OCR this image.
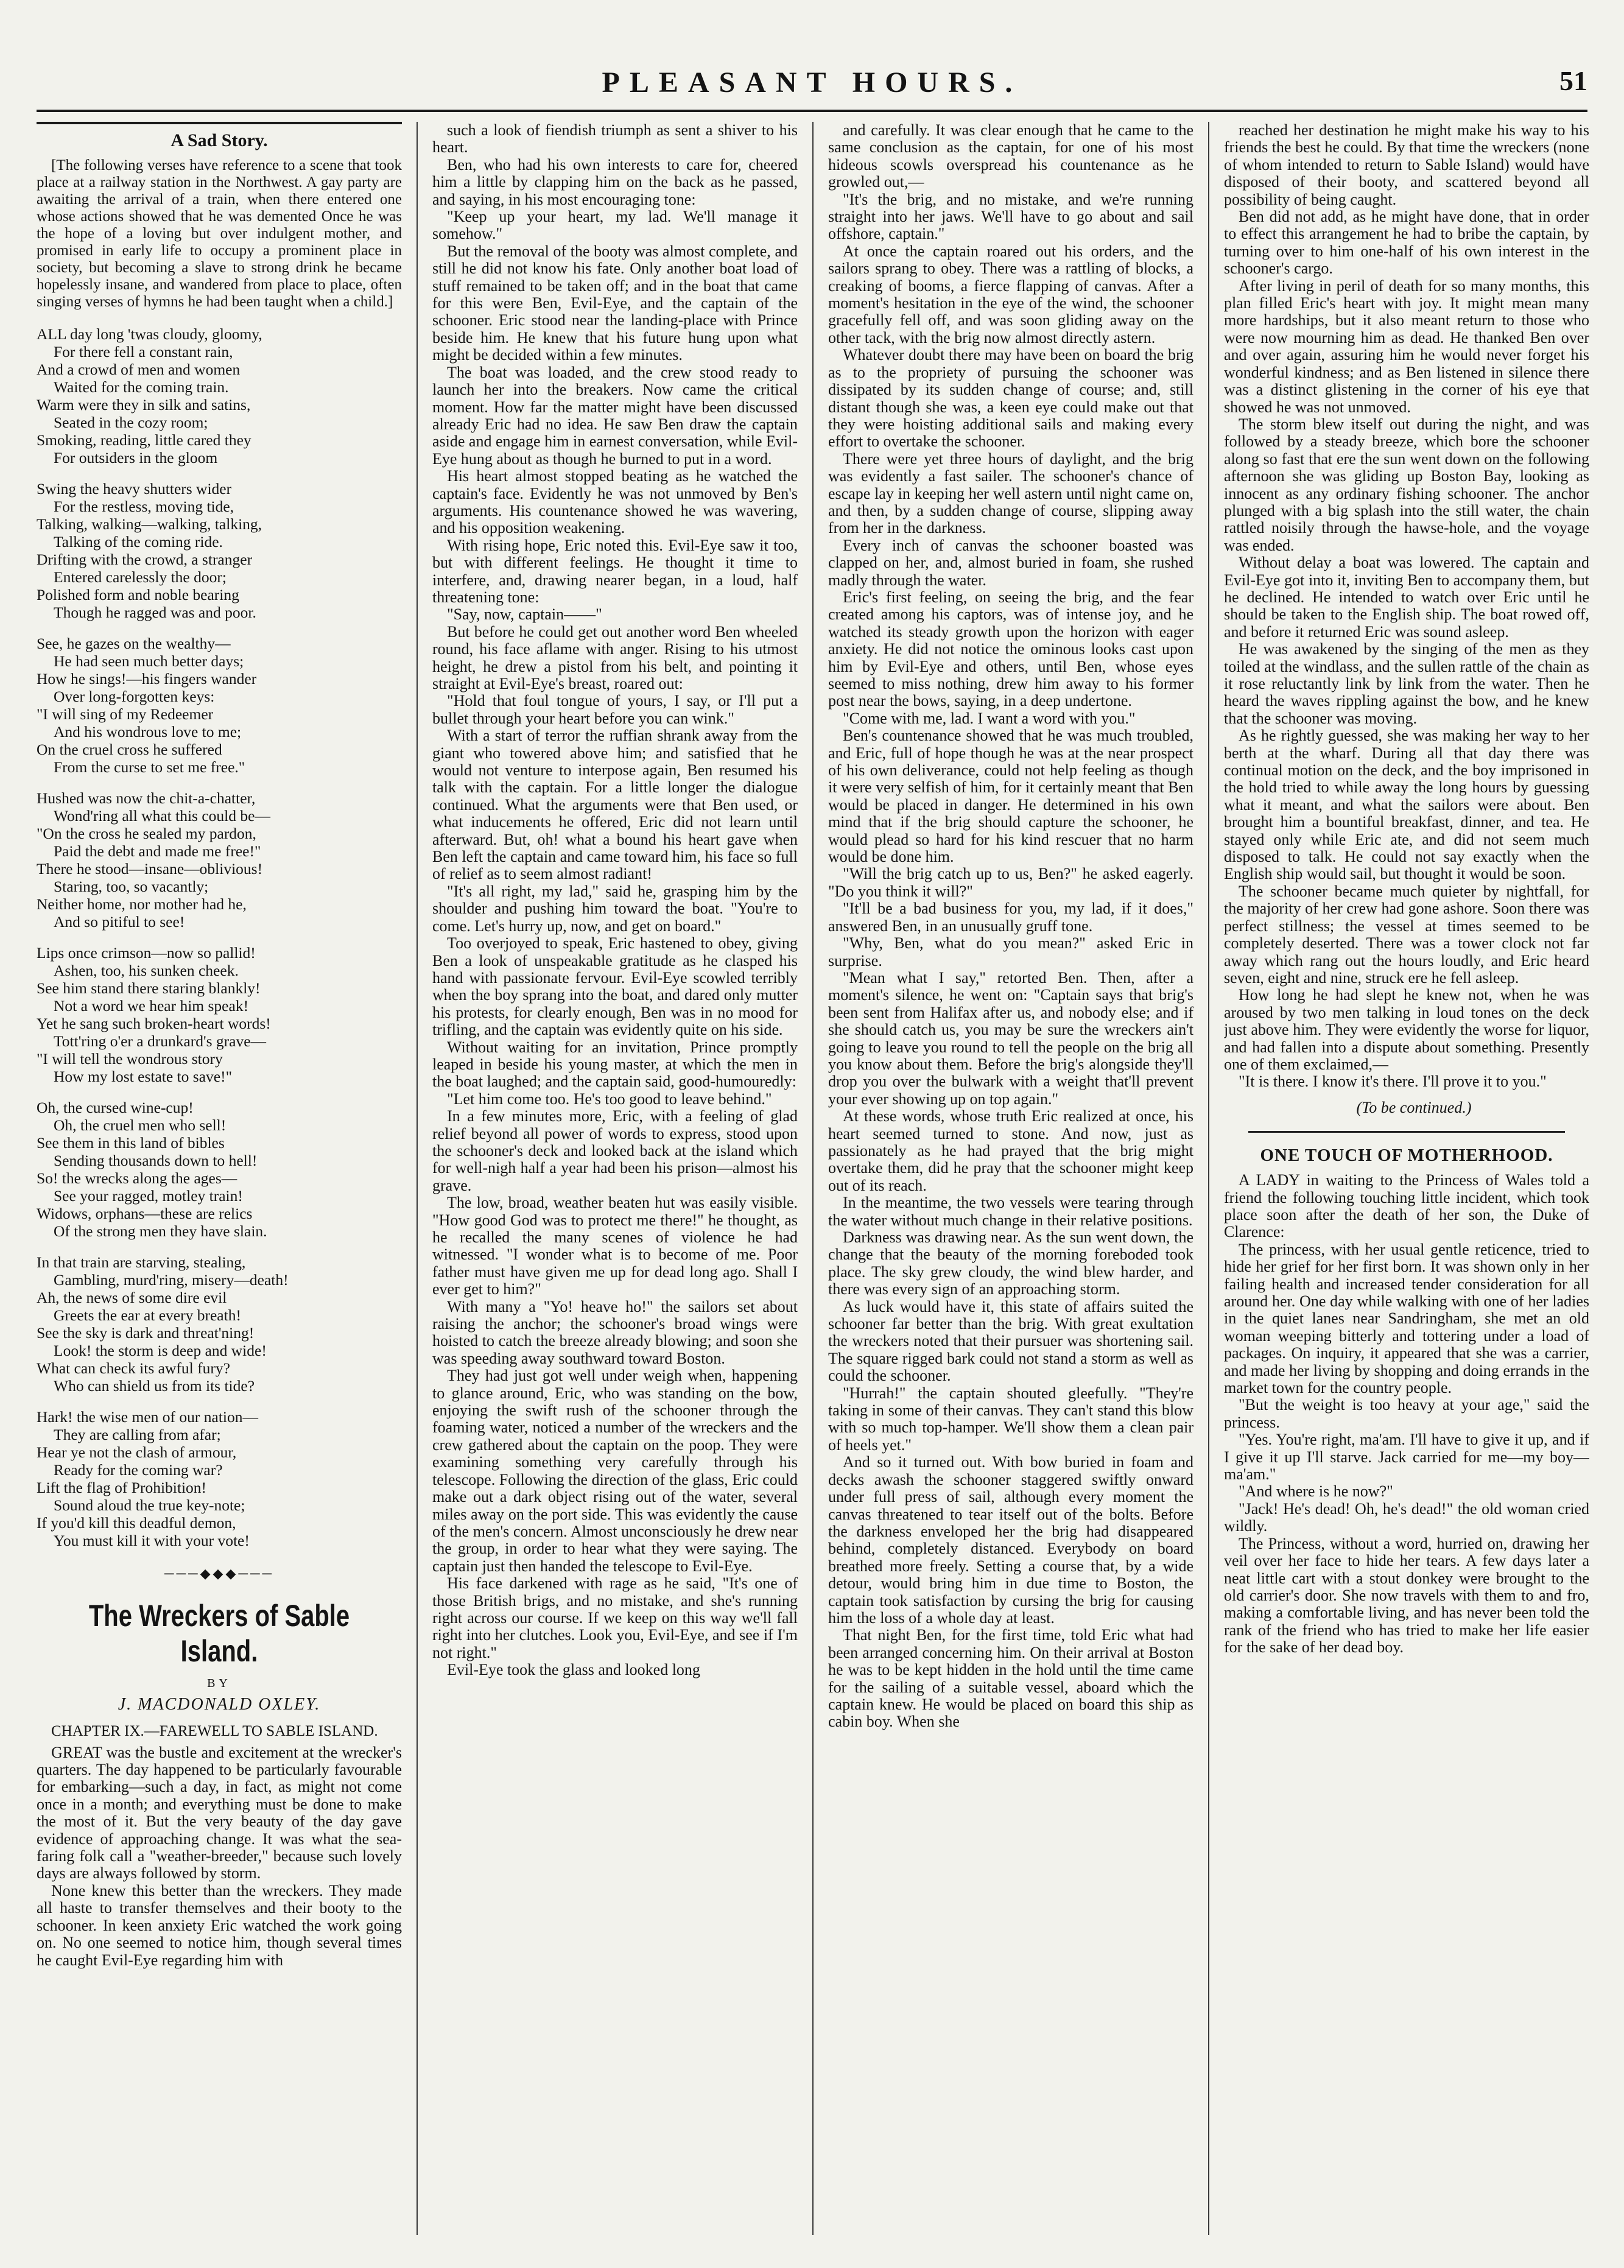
PLEASANT HOURS.	51
A Sad Story.

[The following verses have reference to a scene that took place at a railway station in the Northwest. A gay party are awaiting the arrival of a train, when there entered one whose actions showed that he was demented Once he was the hope of a loving but over indulgent mother, and promised in early life to occupy a prominent place in society, but becoming a slave to strong drink he became hopelessly insane, and wandered from place to place, often singing verses of hymns he had been taught when a child.]

ALL day long 'twas cloudy, gloomy,
For there fell a constant rain,
And a crowd of men and women
Waited for the coming train.
Warm were they in silk and satins,
Seated in the cozy room;
Smoking, reading, little cared they
For outsiders in the gloom
Swing the heavy shutters wider
For the restless, moving tide,
Talking, walking—walking, talking,
Talking of the coming ride.
Drifting with the crowd, a stranger
Entered carelessly the door;
Polished form and noble bearing
Though he ragged was and poor.
See, he gazes on the wealthy—
He had seen much better days;
How he sings!—his fingers wander
Over long-forgotten keys:
"I will sing of my Redeemer
And his wondrous love to me;
On the cruel cross he suffered
From the curse to set me free."
Hushed was now the chit-a-chatter,
Wond'ring all what this could be—
"On the cross he sealed my pardon,
Paid the debt and made me free!"
There he stood—insane—oblivious!
Staring, too, so vacantly;
Neither home, nor mother had he,
And so pitiful to see!
Lips once crimson—now so pallid!
Ashen, too, his sunken cheek.
See him stand there staring blankly!
Not a word we hear him speak!
Yet he sang such broken-heart words!
Tott'ring o'er a drunkard's grave—
"I will tell the wondrous story
How my lost estate to save!"
Oh, the cursed wine-cup!
Oh, the cruel men who sell!
See them in this land of bibles
Sending thousands down to hell!
So! the wrecks along the ages—
See your ragged, motley train!
Widows, orphans—these are relics
Of the strong men they have slain.
In that train are starving, stealing,
Gambling, murd'ring, misery—death!
Ah, the news of some dire evil
Greets the ear at every breath!
See the sky is dark and threat'ning!
Look! the storm is deep and wide!
What can check its awful fury?
Who can shield us from its tide?
Hark! the wise men of our nation—
They are calling from afar;
Hear ye not the clash of armour,
Ready for the coming war?
Lift the flag of Prohibition!
Sound aloud the true key-note;
If you'd kill this deadful demon,
You must kill it with your vote!
───◆◆◆───
The Wreckers of Sable Island.
BY
J. MACDONALD OXLEY.
CHAPTER IX.—FAREWELL TO SABLE ISLAND.

GREAT was the bustle and excitement at the wrecker's quarters. The day happened to be particularly favourable for embarking—such a day, in fact, as might not come once in a month; and everything must be done to make the most of it. But the very beauty of the day gave evidence of approaching change. It was what the sea-faring folk call a "weather-breeder," because such lovely days are always followed by storm.

None knew this better than the wreckers. They made all haste to transfer themselves and their booty to the schooner. In keen anxiety Eric watched the work going on. No one seemed to notice him, though several times he caught Evil-Eye regarding him with

such a look of fiendish triumph as sent a shiver to his heart.

Ben, who had his own interests to care for, cheered him a little by clapping him on the back as he passed, and saying, in his most encouraging tone:

"Keep up your heart, my lad. We'll manage it somehow."

But the removal of the booty was almost complete, and still he did not know his fate. Only another boat load of stuff remained to be taken off; and in the boat that came for this were Ben, Evil-Eye, and the captain of the schooner. Eric stood near the landing-place with Prince beside him. He knew that his future hung upon what might be decided within a few minutes.

The boat was loaded, and the crew stood ready to launch her into the breakers. Now came the critical moment. How far the matter might have been discussed already Eric had no idea. He saw Ben draw the captain aside and engage him in earnest conversation, while Evil-Eye hung about as though he burned to put in a word.

His heart almost stopped beating as he watched the captain's face. Evidently he was not unmoved by Ben's arguments. His countenance showed he was wavering, and his opposition weakening.

With rising hope, Eric noted this. Evil-Eye saw it too, but with different feelings. He thought it time to interfere, and, drawing nearer began, in a loud, half threatening tone:

"Say, now, captain——"

But before he could get out another word Ben wheeled round, his face aflame with anger. Rising to his utmost height, he drew a pistol from his belt, and pointing it straight at Evil-Eye's breast, roared out:

"Hold that foul tongue of yours, I say, or I'll put a bullet through your heart before you can wink."

With a start of terror the ruffian shrank away from the giant who towered above him; and satisfied that he would not venture to interpose again, Ben resumed his talk with the captain. For a little longer the dialogue continued. What the arguments were that Ben used, or what inducements he offered, Eric did not learn until afterward. But, oh! what a bound his heart gave when Ben left the captain and came toward him, his face so full of relief as to seem almost radiant!

"It's all right, my lad," said he, grasping him by the shoulder and pushing him toward the boat. "You're to come. Let's hurry up, now, and get on board."

Too overjoyed to speak, Eric hastened to obey, giving Ben a look of unspeakable gratitude as he clasped his hand with passionate fervour. Evil-Eye scowled terribly when the boy sprang into the boat, and dared only mutter his protests, for clearly enough, Ben was in no mood for trifling, and the captain was evidently quite on his side.

Without waiting for an invitation, Prince promptly leaped in beside his young master, at which the men in the boat laughed; and the captain said, good-humouredly:

"Let him come too. He's too good to leave behind."

In a few minutes more, Eric, with a feeling of glad relief beyond all power of words to express, stood upon the schooner's deck and looked back at the island which for well-nigh half a year had been his prison—almost his grave.

The low, broad, weather beaten hut was easily visible. "How good God was to protect me there!" he thought, as he recalled the many scenes of violence he had witnessed. "I wonder what is to become of me. Poor father must have given me up for dead long ago. Shall I ever get to him?"

With many a "Yo! heave ho!" the sailors set about raising the anchor; the schooner's broad wings were hoisted to catch the breeze already blowing; and soon she was speeding away southward toward Boston.

They had just got well under weigh when, happening to glance around, Eric, who was standing on the bow, enjoying the swift rush of the schooner through the foaming water, noticed a number of the wreckers and the crew gathered about the captain on the poop. They were examining something very carefully through his telescope. Following the direction of the glass, Eric could make out a dark object rising out of the water, several miles away on the port side. This was evidently the cause of the men's concern. Almost unconsciously he drew near the group, in order to hear what they were saying. The captain just then handed the telescope to Evil-Eye.

His face darkened with rage as he said, "It's one of those British brigs, and no mistake, and she's running right across our course. If we keep on this way we'll fall right into her clutches. Look you, Evil-Eye, and see if I'm not right."

Evil-Eye took the glass and looked long

and carefully. It was clear enough that he came to the same conclusion as the captain, for one of his most hideous scowls overspread his countenance as he growled out,—

"It's the brig, and no mistake, and we're running straight into her jaws. We'll have to go about and sail offshore, captain."

At once the captain roared out his orders, and the sailors sprang to obey. There was a rattling of blocks, a creaking of booms, a fierce flapping of canvas. After a moment's hesitation in the eye of the wind, the schooner gracefully fell off, and was soon gliding away on the other tack, with the brig now almost directly astern.

Whatever doubt there may have been on board the brig as to the propriety of pursuing the schooner was dissipated by its sudden change of course; and, still distant though she was, a keen eye could make out that they were hoisting additional sails and making every effort to overtake the schooner.

There were yet three hours of daylight, and the brig was evidently a fast sailer. The schooner's chance of escape lay in keeping her well astern until night came on, and then, by a sudden change of course, slipping away from her in the darkness.

Every inch of canvas the schooner boasted was clapped on her, and, almost buried in foam, she rushed madly through the water.

Eric's first feeling, on seeing the brig, and the fear created among his captors, was of intense joy, and he watched its steady growth upon the horizon with eager anxiety. He did not notice the ominous looks cast upon him by Evil-Eye and others, until Ben, whose eyes seemed to miss nothing, drew him away to his former post near the bows, saying, in a deep undertone.

"Come with me, lad. I want a word with you."

Ben's countenance showed that he was much troubled, and Eric, full of hope though he was at the near prospect of his own deliverance, could not help feeling as though it were very selfish of him, for it certainly meant that Ben would be placed in danger. He determined in his own mind that if the brig should capture the schooner, he would plead so hard for his kind rescuer that no harm would be done him.

"Will the brig catch up to us, Ben?" he asked eagerly. "Do you think it will?"

"It'll be a bad business for you, my lad, if it does," answered Ben, in an unusually gruff tone.

"Why, Ben, what do you mean?" asked Eric in surprise.

"Mean what I say," retorted Ben. Then, after a moment's silence, he went on: "Captain says that brig's been sent from Halifax after us, and nobody else; and if she should catch us, you may be sure the wreckers ain't going to leave you round to tell the people on the brig all you know about them. Before the brig's alongside they'll drop you over the bulwark with a weight that'll prevent your ever showing up on top again."

At these words, whose truth Eric realized at once, his heart seemed turned to stone. And now, just as passionately as he had prayed that the brig might overtake them, did he pray that the schooner might keep out of its reach.

In the meantime, the two vessels were tearing through the water without much change in their relative positions.

Darkness was drawing near. As the sun went down, the change that the beauty of the morning foreboded took place. The sky grew cloudy, the wind blew harder, and there was every sign of an approaching storm.

As luck would have it, this state of affairs suited the schooner far better than the brig. With great exultation the wreckers noted that their pursuer was shortening sail. The square rigged bark could not stand a storm as well as could the schooner.

"Hurrah!" the captain shouted gleefully. "They're taking in some of their canvas. They can't stand this blow with so much top-hamper. We'll show them a clean pair of heels yet."

And so it turned out. With bow buried in foam and decks awash the schooner staggered swiftly onward under full press of sail, although every moment the canvas threatened to tear itself out of the bolts. Before the darkness enveloped her the brig had disappeared behind, completely distanced. Everybody on board breathed more freely. Setting a course that, by a wide detour, would bring him in due time to Boston, the captain took satisfaction by cursing the brig for causing him the loss of a whole day at least.

That night Ben, for the first time, told Eric what had been arranged concerning him. On their arrival at Boston he was to be kept hidden in the hold until the time came for the sailing of a suitable vessel, aboard which the captain knew. He would be placed on board this ship as cabin boy. When she

reached her destination he might make his way to his friends the best he could. By that time the wreckers (none of whom intended to return to Sable Island) would have disposed of their booty, and scattered beyond all possibility of being caught.

Ben did not add, as he might have done, that in order to effect this arrangement he had to bribe the captain, by turning over to him one-half of his own interest in the schooner's cargo.

After living in peril of death for so many months, this plan filled Eric's heart with joy. It might mean many more hardships, but it also meant return to those who were now mourning him as dead. He thanked Ben over and over again, assuring him he would never forget his wonderful kindness; and as Ben listened in silence there was a distinct glistening in the corner of his eye that showed he was not unmoved.

The storm blew itself out during the night, and was followed by a steady breeze, which bore the schooner along so fast that ere the sun went down on the following afternoon she was gliding up Boston Bay, looking as innocent as any ordinary fishing schooner. The anchor plunged with a big splash into the still water, the chain rattled noisily through the hawse-hole, and the voyage was ended.

Without delay a boat was lowered. The captain and Evil-Eye got into it, inviting Ben to accompany them, but he declined. He intended to watch over Eric until he should be taken to the English ship. The boat rowed off, and before it returned Eric was sound asleep.

He was awakened by the singing of the men as they toiled at the windlass, and the sullen rattle of the chain as it rose reluctantly link by link from the water. Then he heard the waves rippling against the bow, and he knew that the schooner was moving.

As he rightly guessed, she was making her way to her berth at the wharf. During all that day there was continual motion on the deck, and the boy imprisoned in the hold tried to while away the long hours by guessing what it meant, and what the sailors were about. Ben brought him a bountiful breakfast, dinner, and tea. He stayed only while Eric ate, and did not seem much disposed to talk. He could not say exactly when the English ship would sail, but thought it would be soon.

The schooner became much quieter by nightfall, for the majority of her crew had gone ashore. Soon there was perfect stillness; the vessel at times seemed to be completely deserted. There was a tower clock not far away which rang out the hours loudly, and Eric heard seven, eight and nine, struck ere he fell asleep.

How long he had slept he knew not, when he was aroused by two men talking in loud tones on the deck just above him. They were evidently the worse for liquor, and had fallen into a dispute about something. Presently one of them exclaimed,—

"It is there. I know it's there. I'll prove it to you."

(To be continued.)

ONE TOUCH OF MOTHERHOOD.

A LADY in waiting to the Princess of Wales told a friend the following touching little incident, which took place soon after the death of her son, the Duke of Clarence:

The princess, with her usual gentle reticence, tried to hide her grief for her first born. It was shown only in her failing health and increased tender consideration for all around her. One day while walking with one of her ladies in the quiet lanes near Sandringham, she met an old woman weeping bitterly and tottering under a load of packages. On inquiry, it appeared that she was a carrier, and made her living by shopping and doing errands in the market town for the country people.

"But the weight is too heavy at your age," said the princess.

"Yes. You're right, ma'am. I'll have to give it up, and if I give it up I'll starve. Jack carried for me—my boy—ma'am."

"And where is he now?"

"Jack! He's dead! Oh, he's dead!" the old woman cried wildly.

The Princess, without a word, hurried on, drawing her veil over her face to hide her tears. A few days later a neat little cart with a stout donkey were brought to the old carrier's door. She now travels with them to and fro, making a comfortable living, and has never been told the rank of the friend who has tried to make her life easier for the sake of her dead boy.
